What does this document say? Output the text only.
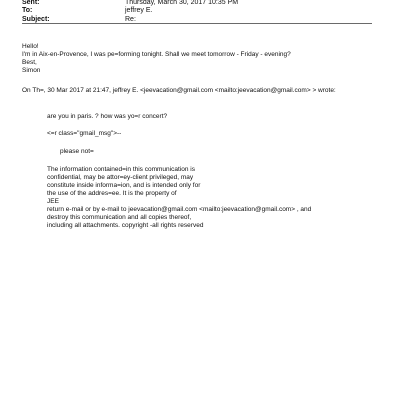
Sent:	Thursday, March 30, 2017 10:35 PM
To:	jeffrey E.
Subject:	Re:
Hello!
I'm in Aix-en-Provence, I was pe=forming tonight. Shall we meet tomorrow - Friday - evening?
Best,
Simon
On Th=, 30 Mar 2017 at 21:47, jeffrey E. <jeevacation@gmail.com <mailto:jeevacation@gmail.com> > wrote:
are you in paris. ? how was yo=r concert?
<=r class="gmail_msg">--
please not=
The information contained=in this communication is
confidential, may be attor=ey-client privileged, may
constitute inside informa=ion, and is intended only for
the use of the addres=ee. It is the property of
JEE
return e-mail or by e-mail to jeevacation@gmail.com <mailto:jeevacation@gmail.com> , and
destroy this communication and all copies thereof,
including all attachments. copyright -all rights reserved
